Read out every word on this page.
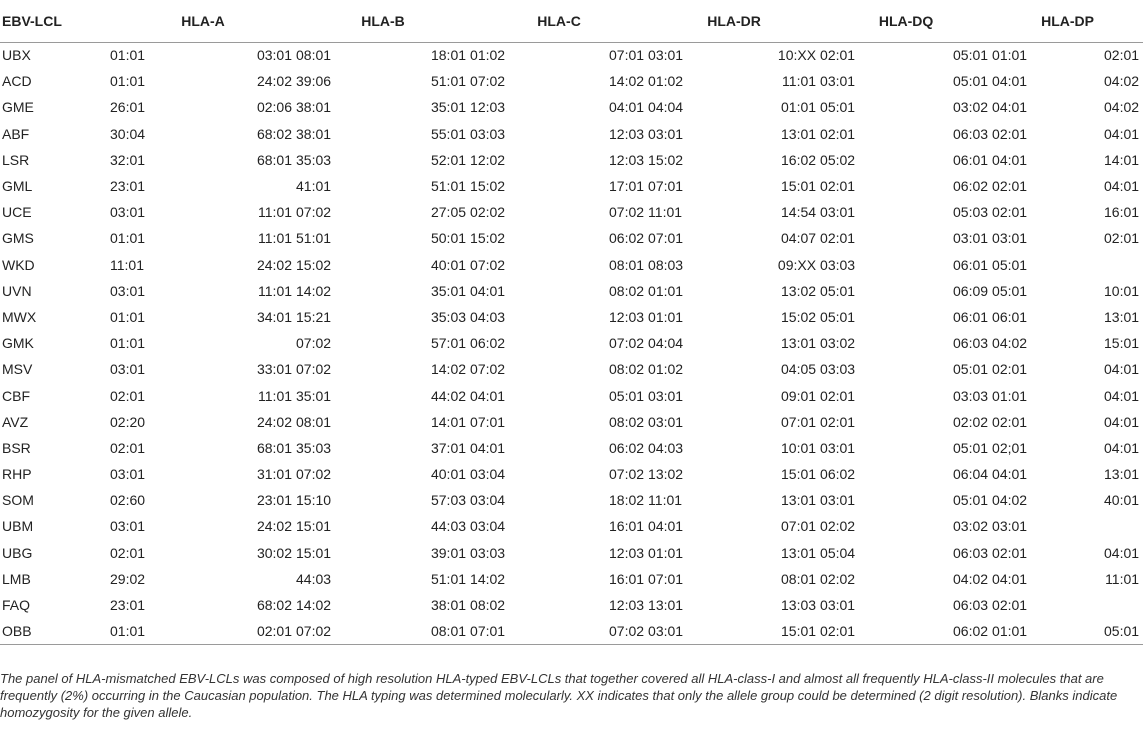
EBV-LCL	HLA-A		HLA-B		HLA-C		HLA-DR		HLA-DQ		HLA-DP	
UBX	01:01	03:01	08:01	18:01	01:02	07:01	03:01	10:XX	02:01	05:01	01:01	02:01
ACD	01:01	24:02	39:06	51:01	07:02	14:02	01:02	11:01	03:01	05:01	04:01	04:02
GME	26:01	02:06	38:01	35:01	12:03	04:01	04:04	01:01	05:01	03:02	04:01	04:02
ABF	30:04	68:02	38:01	55:01	03:03	12:03	03:01	13:01	02:01	06:03	02:01	04:01
LSR	32:01	68:01	35:03	52:01	12:02	12:03	15:02	16:02	05:02	06:01	04:01	14:01
GML	23:01		41:01	51:01	15:02	17:01	07:01	15:01	02:01	06:02	02:01	04:01
UCE	03:01	11:01	07:02	27:05	02:02	07:02	11:01	14:54	03:01	05:03	02:01	16:01
GMS	01:01	11:01	51:01	50:01	15:02	06:02	07:01	04:07	02:01	03:01	03:01	02:01
WKD	11:01	24:02	15:02	40:01	07:02	08:01	08:03	09:XX	03:03	06:01	05:01	
UVN	03:01	11:01	14:02	35:01	04:01	08:02	01:01	13:02	05:01	06:09	05:01	10:01
MWX	01:01	34:01	15:21	35:03	04:03	12:03	01:01	15:02	05:01	06:01	06:01	13:01
GMK	01:01		07:02	57:01	06:02	07:02	04:04	13:01	03:02	06:03	04:02	15:01
MSV	03:01	33:01	07:02	14:02	07:02	08:02	01:02	04:05	03:03	05:01	02:01	04:01
CBF	02:01	11:01	35:01	44:02	04:01	05:01	03:01	09:01	02:01	03:03	01:01	04:01
AVZ	02:20	24:02	08:01	14:01	07:01	08:02	03:01	07:01	02:01	02:02	02:01	04:01
BSR	02:01	68:01	35:03	37:01	04:01	06:02	04:03	10:01	03:01	05:01	02;01	04:01
RHP	03:01	31:01	07:02	40:01	03:04	07:02	13:02	15:01	06:02	06:04	04:01	13:01
SOM	02:60	23:01	15:10	57:03	03:04	18:02	11:01	13:01	03:01	05:01	04:02	40:01
UBM	03:01	24:02	15:01	44:03	03:04	16:01	04:01	07:01	02:02	03:02	03:01	
UBG	02:01	30:02	15:01	39:01	03:03	12:03	01:01	13:01	05:04	06:03	02:01	04:01
LMB	29:02		44:03	51:01	14:02	16:01	07:01	08:01	02:02	04:02	04:01	11:01
FAQ	23:01	68:02	14:02	38:01	08:02	12:03	13:01	13:03	03:01	06:03	02:01	
OBB	01:01	02:01	07:02	08:01	07:01	07:02	03:01	15:01	02:01	06:02	01:01	05:01
The panel of HLA-mismatched EBV-LCLs was composed of high resolution HLA-typed EBV-LCLs that together covered all HLA-class-I and almost all frequently HLA-class-II molecules that are frequently (2%) occurring in the Caucasian population. The HLA typing was determined molecularly. XX indicates that only the allele group could be determined (2 digit resolution). Blanks indicate homozygosity for the given allele.
